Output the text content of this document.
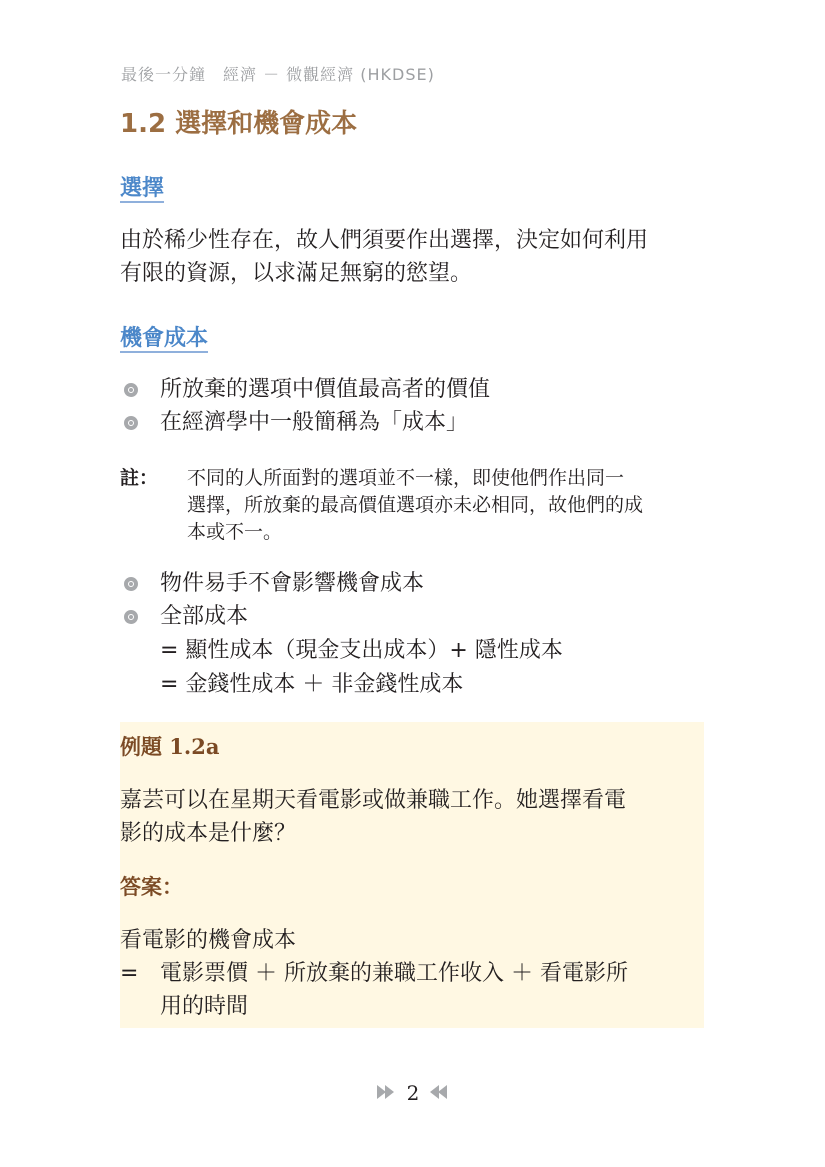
最後一分鐘　經濟 － 微觀經濟 (HKDSE)
1.2 選擇和機會成本
選擇
由於稀少性存在，故人們須要作出選擇，決定如何利用
有限的資源，以求滿足無窮的慾望。
機會成本
所放棄的選項中價值最高者的價值
在經濟學中一般簡稱為「成本」
註： 不同的人所面對的選項並不一樣，即使他們作出同一
選擇，所放棄的最高價值選項亦未必相同，故他們的成
本或不一。
物件易手不會影響機會成本
全部成本
= 顯性成本（現金支出成本）+ 隱性成本
= 金錢性成本 ＋ 非金錢性成本
例題 1.2a
嘉芸可以在星期天看電影或做兼職工作。她選擇看電
影的成本是什麼？
答案：
看電影的機會成本
= 電影票價 ＋ 所放棄的兼職工作收入 ＋ 看電影所
用的時間
2
